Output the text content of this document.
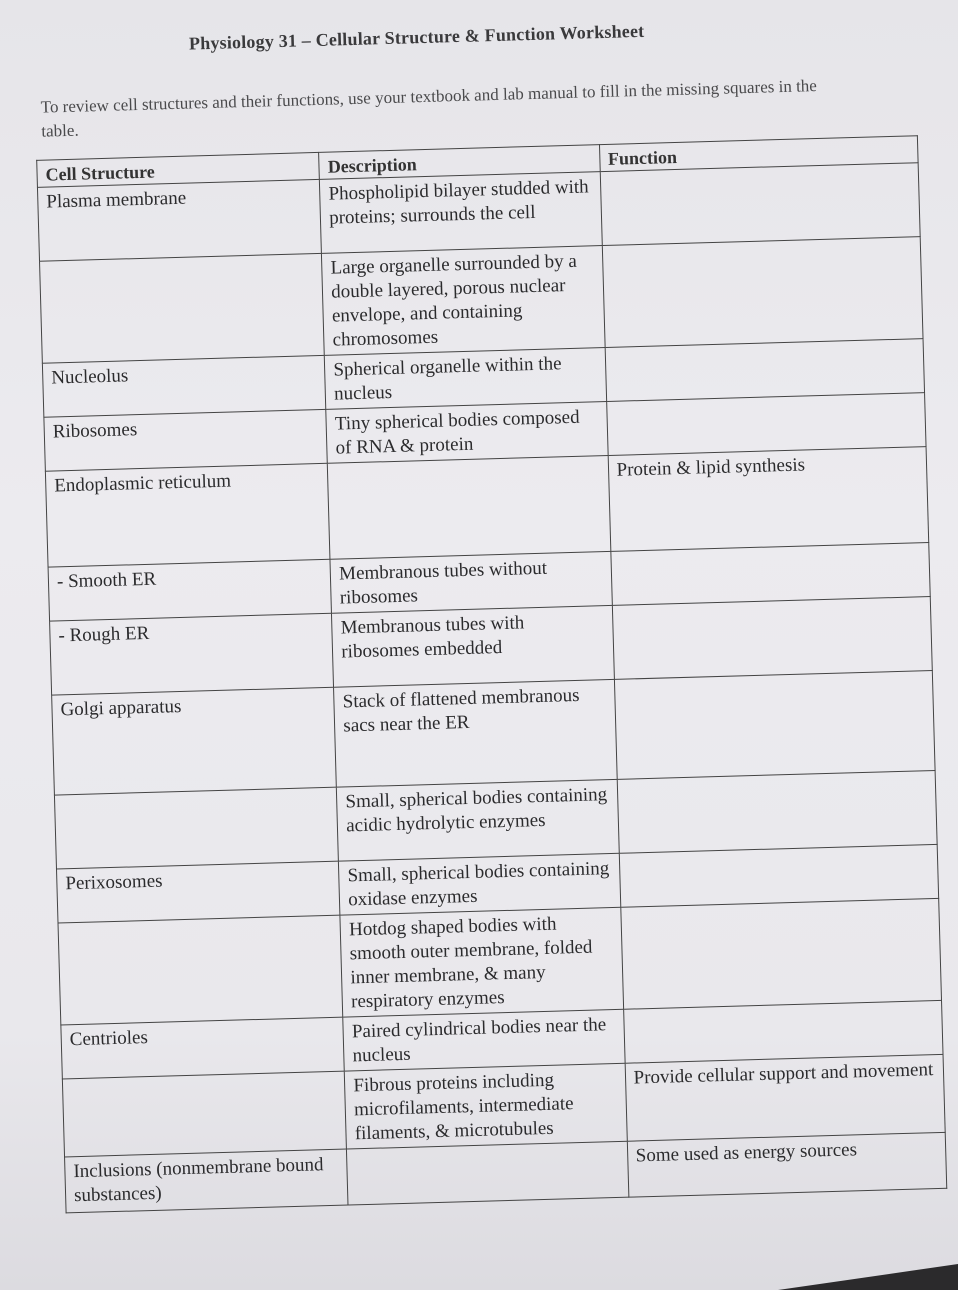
Physiology 31 – Cellular Structure & Function Worksheet
To review cell structures and their functions, use your textbook and lab manual to fill in the missing squares in the table.
Cell Structure	Description	Function
Plasma membrane	Phospholipid bilayer studded with proteins; surrounds the cell	
	Large organelle surrounded by a double layered, porous nuclear envelope, and containing chromosomes	
Nucleolus	Spherical organelle within the nucleus	
Ribosomes	Tiny spherical bodies composed of RNA & protein	
Endoplasmic reticulum		Protein & lipid synthesis
- Smooth ER	Membranous tubes without ribosomes	
- Rough ER	Membranous tubes with ribosomes embedded	
Golgi apparatus	Stack of flattened membranous sacs near the ER	
	Small, spherical bodies containing acidic hydrolytic enzymes	
Perixosomes	Small, spherical bodies containing oxidase enzymes	
	Hotdog shaped bodies with smooth outer membrane, folded inner membrane, & many respiratory enzymes	
Centrioles	Paired cylindrical bodies near the nucleus	
	Fibrous proteins including microfilaments, intermediate filaments, & microtubules	Provide cellular support and movement
Inclusions (nonmembrane bound substances)		Some used as energy sources
